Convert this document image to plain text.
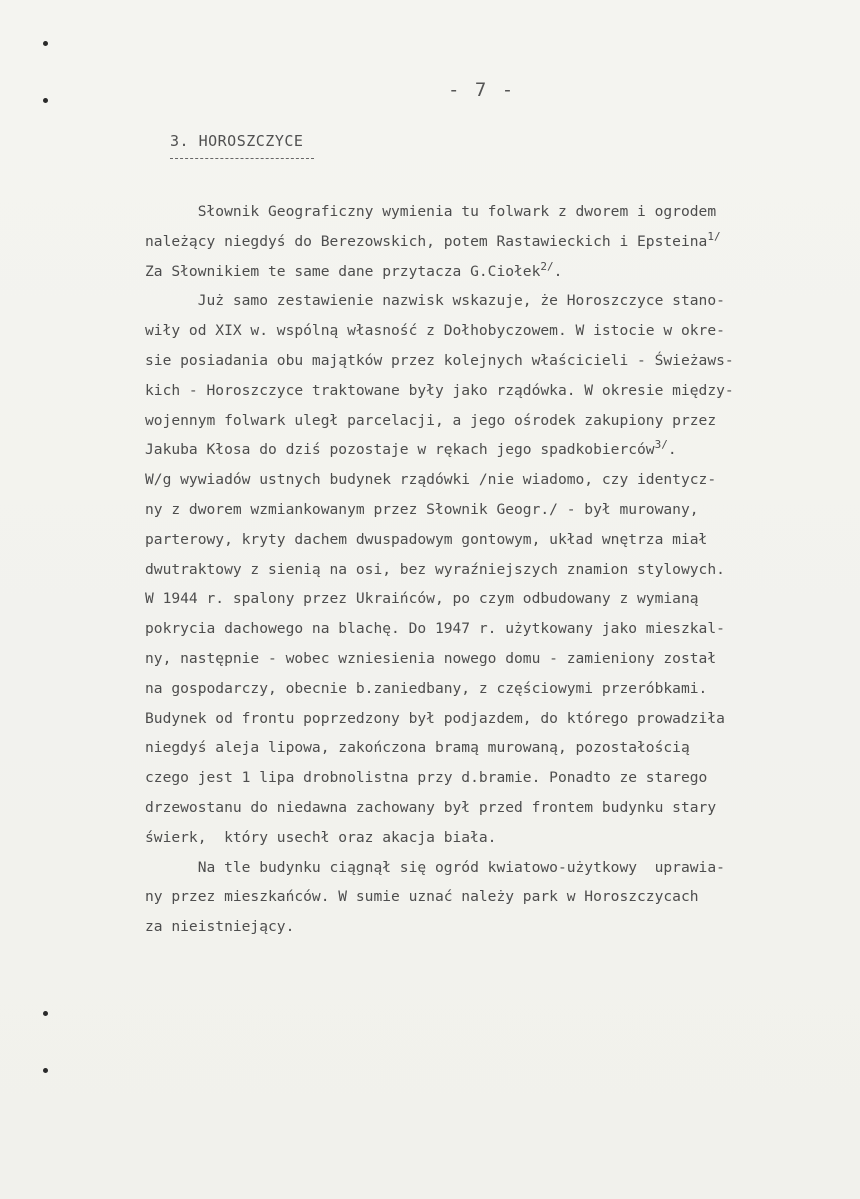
- 7 -
3. HOROSZCZYCE
Słownik Geograficzny wymienia tu folwark z dworem i ogrodem
należący niegdyś do Berezowskich, potem Rastawieckich i Epsteina$^{1/}$
Za Słownikiem te same dane przytacza G.Ciołek$^{2/}$.
Już samo zestawienie nazwisk wskazuje, że Horoszczyce stano-
wiły od XIX w. wspólną własność z Dołhobyczowem. W istocie w okre-
sie posiadania obu majątków przez kolejnych właścicieli - Świeżaws-
kich - Horoszczyce traktowane były jako rządówka. W okresie między-
wojennym folwark uległ parcelacji, a jego ośrodek zakupiony przez
Jakuba Kłosa do dziś pozostaje w rękach jego spadkobierców$^{3/}$.
W/g wywiadów ustnych budynek rządówki /nie wiadomo, czy identycz-
ny z dworem wzmiankowanym przez Słownik Geogr./ - był murowany,
parterowy, kryty dachem dwuspadowym gontowym, układ wnętrza miał
dwutraktowy z sienią na osi, bez wyraźniejszych znamion stylowych.
W 1944 r. spalony przez Ukraińców, po czym odbudowany z wymianą
pokrycia dachowego na blachę. Do 1947 r. użytkowany jako mieszkal-
ny, następnie - wobec wzniesienia nowego domu - zamieniony został
na gospodarczy, obecnie b.zaniedbany, z częściowymi przeróbkami.
Budynek od frontu poprzedzony był podjazdem, do którego prowadziła
niegdyś aleja lipowa, zakończona bramą murowaną, pozostałością
czego jest 1 lipa drobnolistna przy d.bramie. Ponadto ze starego
drzewostanu do niedawna zachowany był przed frontem budynku stary
świerk,  który usechł oraz akacja biała.
Na tle budynku ciągnął się ogród kwiatowo-użytkowy  uprawia-
ny przez mieszkańców. W sumie uznać należy park w Horoszczycach
za nieistniejący.
